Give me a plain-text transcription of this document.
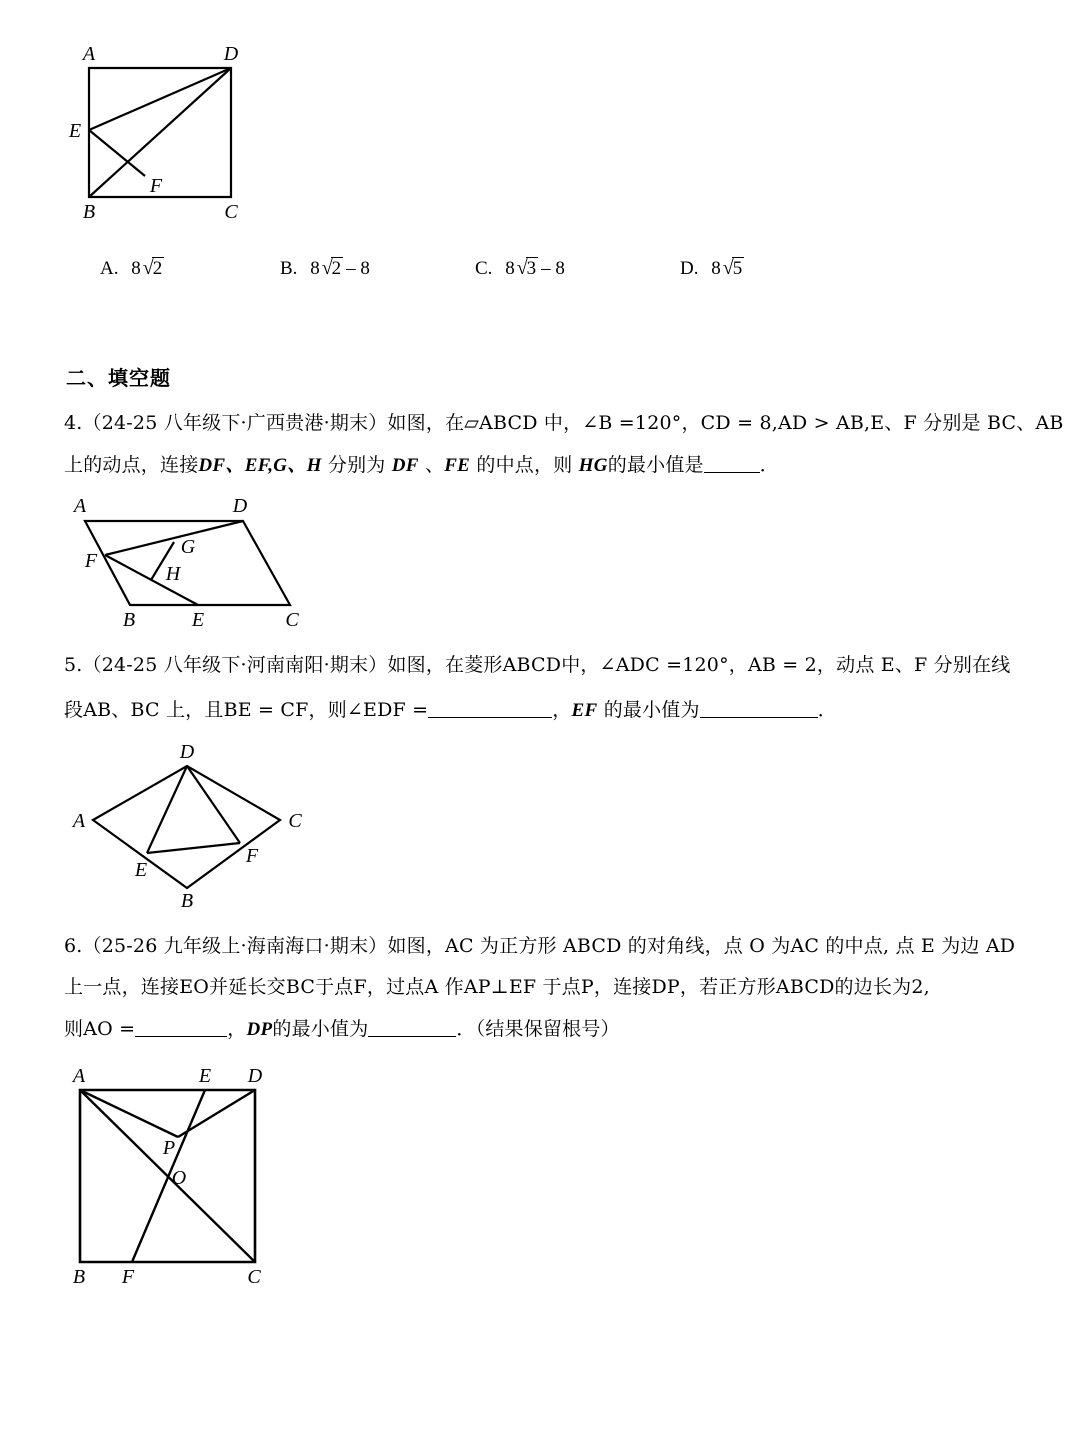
A	D
E
F
B	C
A. 8 √2	B. 8 √2 – 8	C. 8 √3 – 8	D. 8 √5
二、填空题
4.（24-25 八年级下·广西贵港·期末）如图，在▱ABCD 中，∠B =120°，CD = 8,AD > AB,E、F 分别是 BC、AB
上的动点，连接DF、EF,G、H 分别为 DF 、FE 的中点，则 HG的最小值是	．
A	D
F
G
H
B	E	C
5.（24-25 八年级下·河南南阳·期末）如图，在菱形ABCD中，∠ADC =120°，AB = 2，动点 E、F 分别在线
段AB、BC 上，且BE = CF，则∠EDF =	，EF 的最小值为	．
D
A	C
E
F
B
6.（25-26 九年级上·海南海口·期末）如图，AC 为正方形 ABCD 的对角线，点 O 为AC 的中点, 点 E 为边 AD
上一点，连接EO并延长交BC于点F，过点A 作AP⊥EF 于点P，连接DP，若正方形ABCD的边长为2,
则AO =	，DP的最小值为	．（结果保留根号）
A	E D
P
O
B F	C
